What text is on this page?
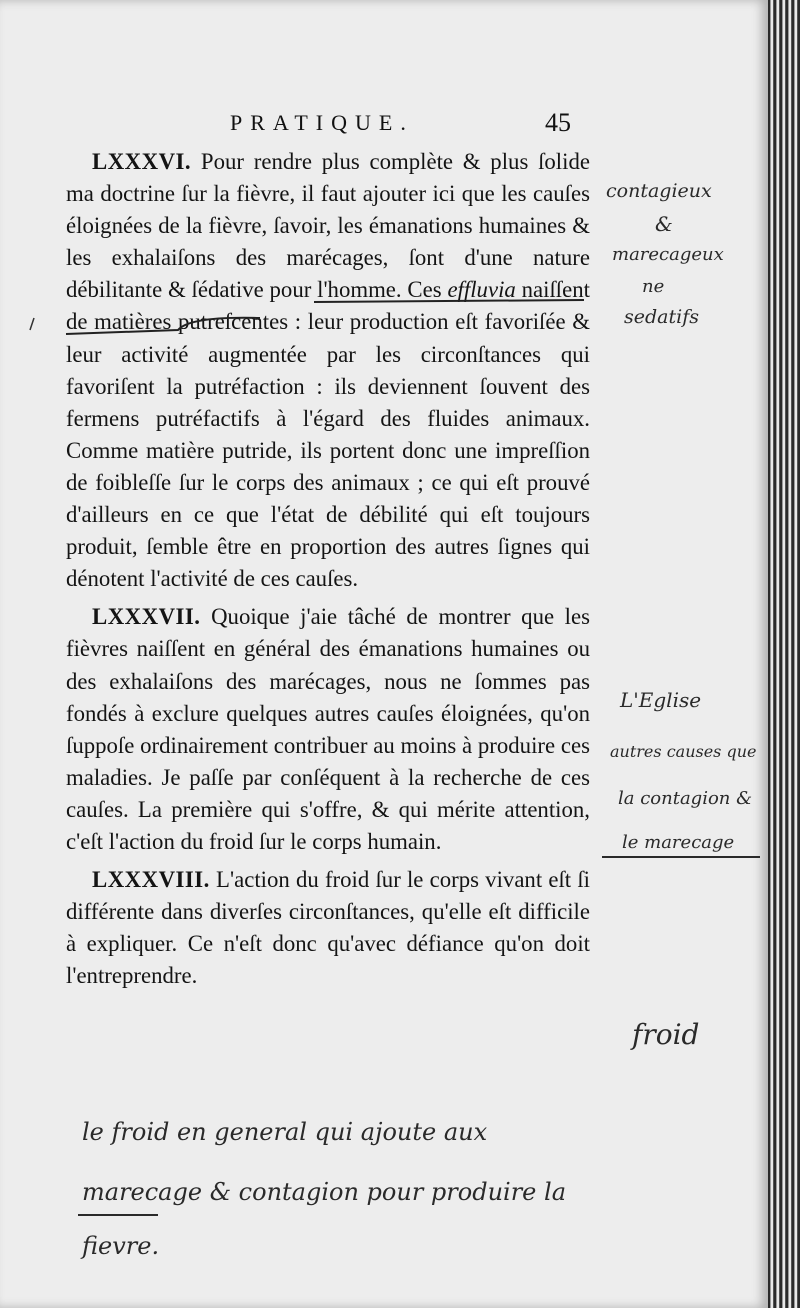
PRATIQUE.	45

LXXXVI. Pour rendre plus complète & plus ſolide ma doctrine ſur la fièvre, il faut ajouter ici que les cauſes éloignées de la fièvre, ſavoir, les émanations humaines & les exhalaiſons des marécages, ſont d'une nature débilitante & ſédative pour l'homme. Ces effluvia naiſſent de matières putreſcentes : leur production eſt favoriſée & leur activité augmentée par les circonſtances qui favoriſent la putréfaction : ils deviennent ſouvent des fermens putréfactifs à l'égard des fluides animaux. Comme matière putride, ils portent donc une impreſſion de foibleſſe ſur le corps des animaux ; ce qui eſt prouvé d'ailleurs en ce que l'état de débilité qui eſt toujours produit, ſemble être en proportion des autres ſignes qui dénotent l'activité de ces cauſes.

LXXXVII. Quoique j'aie tâché de montrer que les fièvres naiſſent en général des émanations humaines ou des exhalaiſons des marécages, nous ne ſommes pas fondés à exclure quelques autres cauſes éloignées, qu'on ſuppoſe ordinairement contribuer au moins à produire ces maladies. Je paſſe par conſéquent à la recherche de ces cauſes. La première qui s'offre, & qui mérite attention, c'eſt l'action du froid ſur le corps humain.

LXXXVIII. L'action du froid ſur le corps vivant eſt ſi différente dans diverſes circonſtances, qu'elle eſt difficile à expliquer. Ce n'eſt donc qu'avec défiance qu'on doit l'entreprendre.

contagieux
&
marecageux
ne
sedatifs
L'Eglise
autres causes que
la contagion &
le marecage
froid
le froid en general qui ajoute aux
marecage & contagion pour produire la
fievre.
